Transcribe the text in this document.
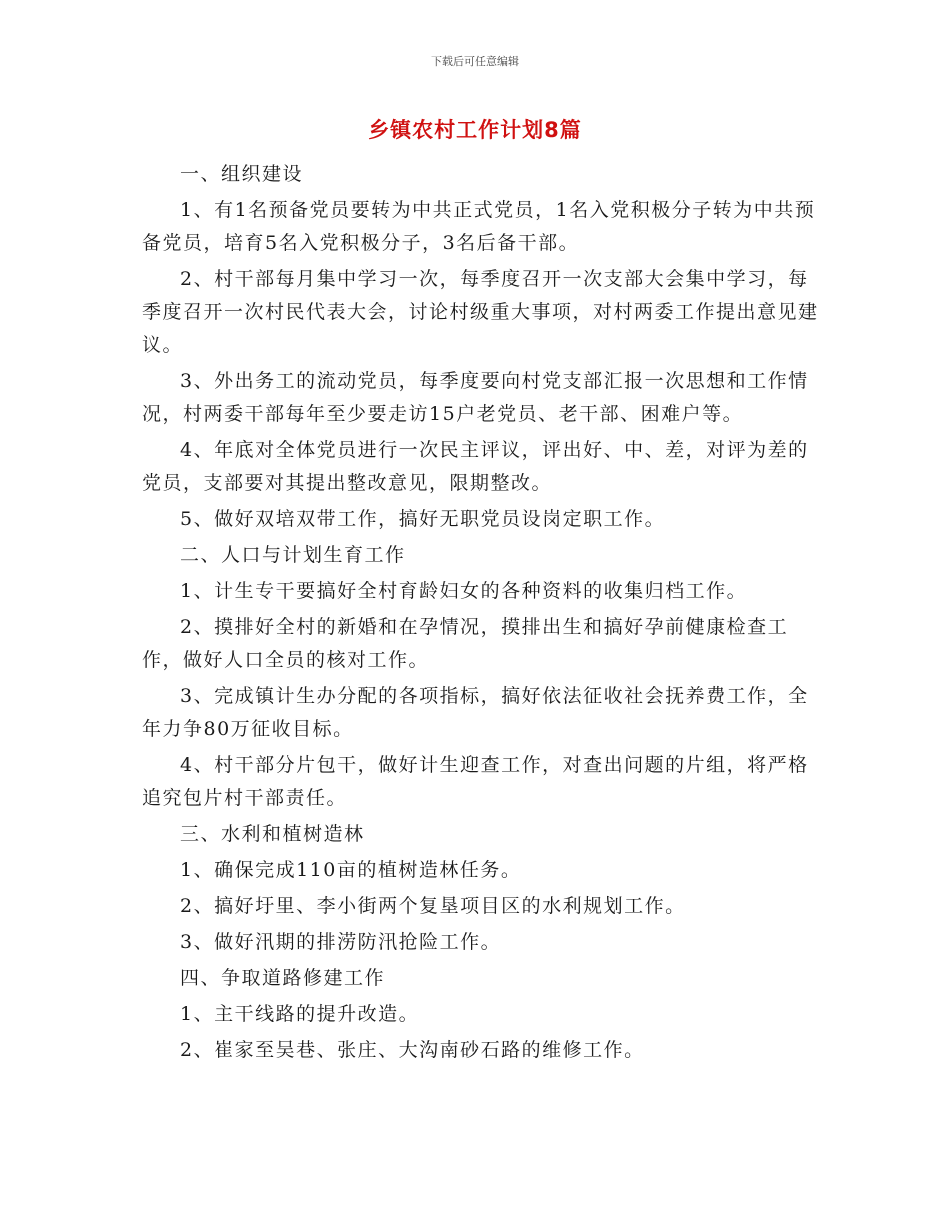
下载后可任意编辑
乡镇农村工作计划8篇

一、组织建设

1、有1名预备党员要转为中共正式党员，1名入党积极分子转为中共预备党员，培育5名入党积极分子，3名后备干部。

2、村干部每月集中学习一次，每季度召开一次支部大会集中学习，每季度召开一次村民代表大会，讨论村级重大事项，对村两委工作提出意见建议。

3、外出务工的流动党员，每季度要向村党支部汇报一次思想和工作情况，村两委干部每年至少要走访15户老党员、老干部、困难户等。

4、年底对全体党员进行一次民主评议，评出好、中、差，对评为差的党员，支部要对其提出整改意见，限期整改。

5、做好双培双带工作，搞好无职党员设岗定职工作。

二、人口与计划生育工作

1、计生专干要搞好全村育龄妇女的各种资料的收集归档工作。

2、摸排好全村的新婚和在孕情况，摸排出生和搞好孕前健康检查工作，做好人口全员的核对工作。

3、完成镇计生办分配的各项指标，搞好依法征收社会抚养费工作，全年力争80万征收目标。

4、村干部分片包干，做好计生迎查工作，对查出问题的片组，将严格追究包片村干部责任。

三、水利和植树造林

1、确保完成110亩的植树造林任务。

2、搞好圩里、李小街两个复垦项目区的水利规划工作。

3、做好汛期的排涝防汛抢险工作。

四、争取道路修建工作

1、主干线路的提升改造。

2、崔家至吴巷、张庄、大沟南砂石路的维修工作。
